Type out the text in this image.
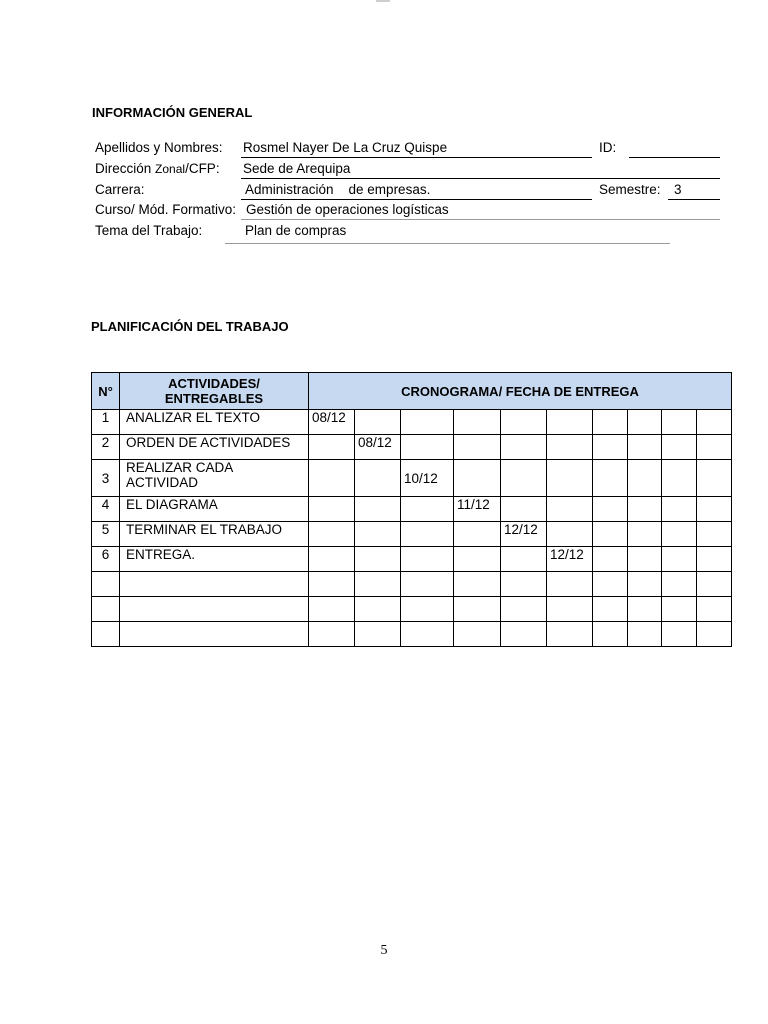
INFORMACIÓN GENERAL
Apellidos y Nombres: Rosmel Nayer De La Cruz Quispe	ID:
Dirección Zonal/CFP: Sede de Arequipa
Carrera:	Administración    de empresas.	Semestre: 3
Curso/ Mód. Formativo: Gestión de operaciones logísticas
Tema del Trabajo:	Plan de compras
PLANIFICACIÓN DEL TRABAJO
N°	ACTIVIDADES/ ENTREGABLES	CRONOGRAMA/ FECHA DE ENTREGA									
1	ANALIZAR EL TEXTO	08/12									
2	ORDEN DE ACTIVIDADES		08/12								
3	REALIZAR CADA ACTIVIDAD			10/12							
4	EL DIAGRAMA				11/12						
5	TERMINAR EL TRABAJO					12/12					
6	ENTREGA.						12/12				

5
